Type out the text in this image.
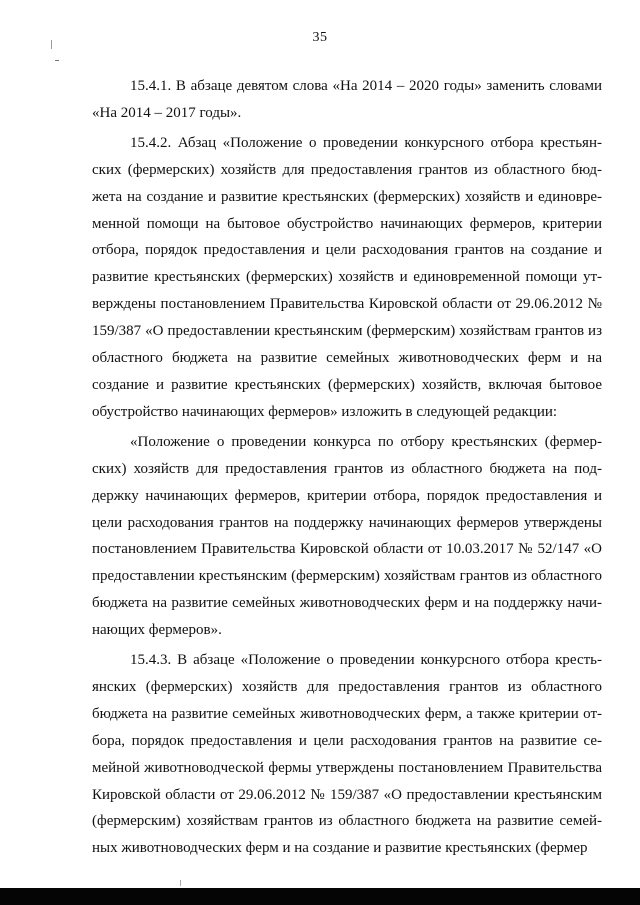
35

15.4.1. В абзаце девятом слова «На 2014 – 2020 годы» заменить словами «На 2014 – 2017 годы».

15.4.2. Абзац «Положение о проведении конкурсного отбора крестьянских (фермерских) хозяйств для предоставления грантов из областного бюджета на создание и развитие крестьянских (фермерских) хозяйств и единовременной помощи на бытовое обустройство начинающих фермеров, критерии отбора, порядок предоставления и цели расходования грантов на создание и развитие крестьянских (фермерских) хозяйств и единовременной помощи утверждены постановлением Правительства Кировской области от 29.06.2012 № 159/387 «О предоставлении крестьянским (фермерским) хозяйствам грантов из областного бюджета на развитие семейных животноводческих ферм и на создание и развитие крестьянских (фермерских) хозяйств, включая бытовое обустройство начинающих фермеров» изложить в следующей редакции:

«Положение о проведении конкурса по отбору крестьянских (фермерских) хозяйств для предоставления грантов из областного бюджета на поддержку начинающих фермеров, критерии отбора, порядок предоставления и цели расходования грантов на поддержку начинающих фермеров утверждены постановлением Правительства Кировской области от 10.03.2017 № 52/147 «О предоставлении крестьянским (фермерским) хозяйствам грантов из областного бюджета на развитие семейных животноводческих ферм и на поддержку начинающих фермеров».

15.4.3. В абзаце «Положение о проведении конкурсного отбора крестьянских (фермерских) хозяйств для предоставления грантов из областного бюджета на развитие семейных животноводческих ферм, а также критерии отбора, порядок предоставления и цели расходования грантов на развитие семейной животноводческой фермы утверждены постановлением Правительства Кировской области от 29.06.2012 № 159/387 «О предоставлении крестьянским (фермерским) хозяйствам грантов из областного бюджета на развитие семейных животноводческих ферм и на создание и развитие крестьянских (фермер
